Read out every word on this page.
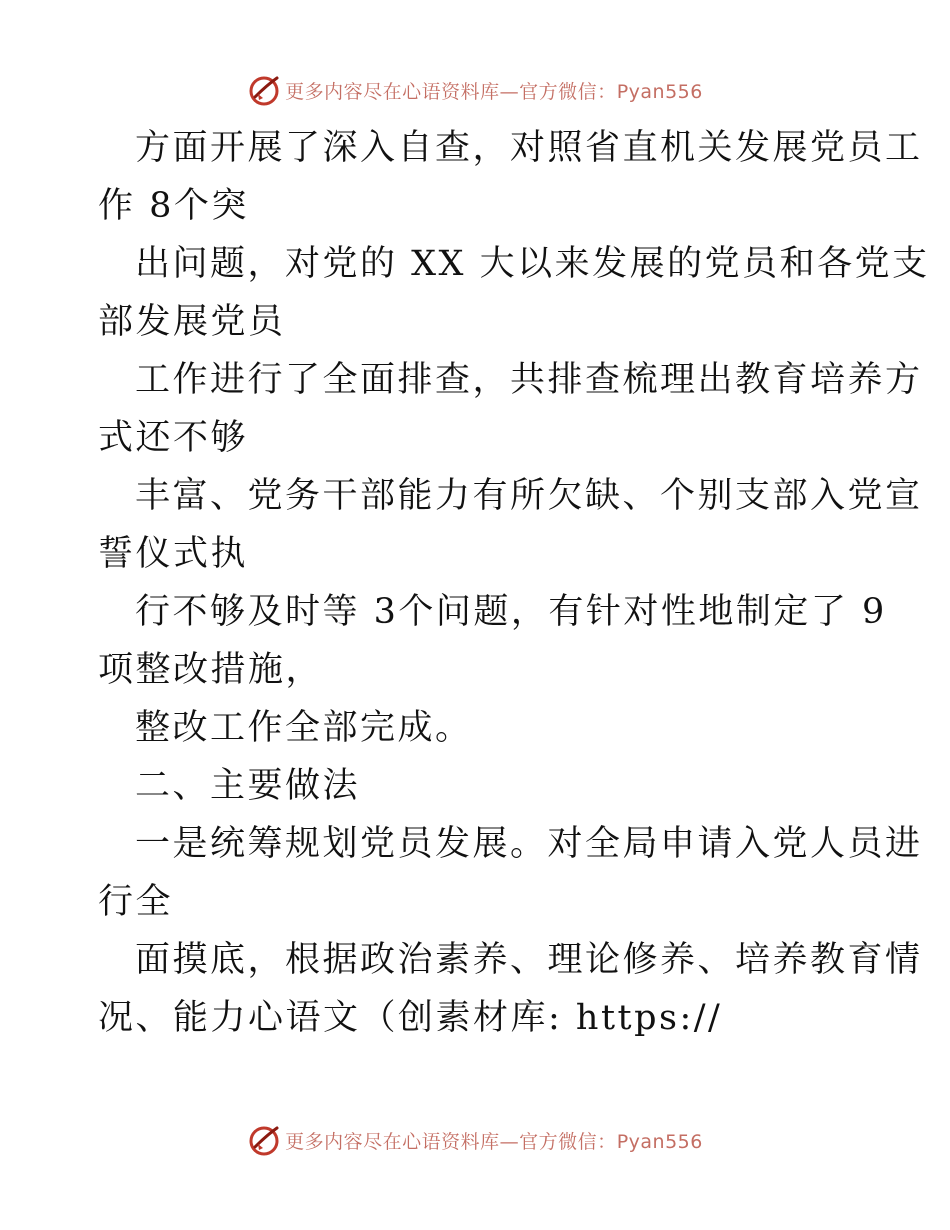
更多内容尽在心语资料库—官方微信：Pyan556
方面开展了深入自查，对照省直机关发展党员工
作 8个突
出问题，对党的 XX 大以来发展的党员和各党支
部发展党员
工作进行了全面排查，共排查梳理出教育培养方
式还不够
丰富、党务干部能力有所欠缺、个别支部入党宣
誓仪式执
行不够及时等 3个问题，有针对性地制定了 9
项整改措施，
整改工作全部完成。
二、主要做法
一是统筹规划党员发展。对全局申请入党人员进
行全
面摸底，根据政治素养、理论修养、培养教育情
况、能力心语文（创素材库: https://
更多内容尽在心语资料库—官方微信：Pyan556
